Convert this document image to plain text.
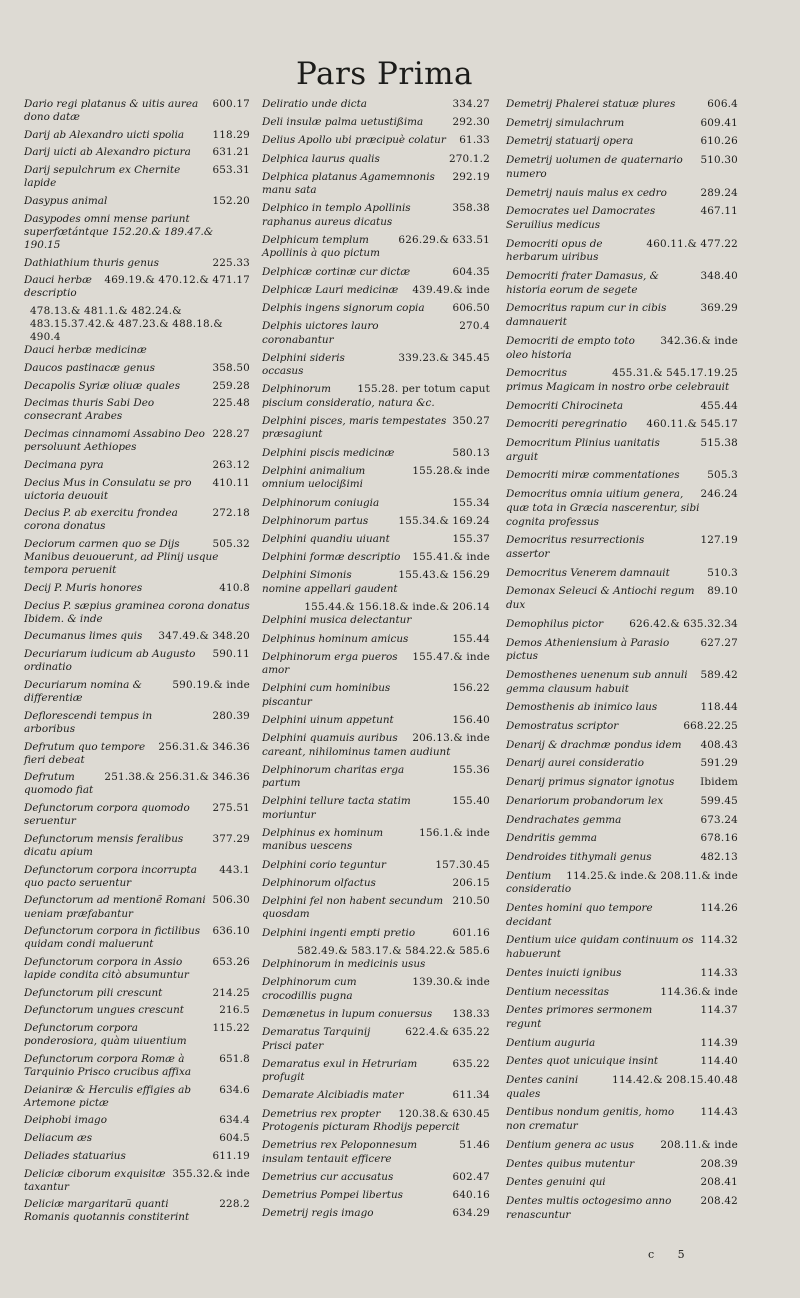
Pars Prima
600.17
Dario regi platanus & uitis aurea dono datæ
118.29
Darij ab Alexandro uicti spolia
631.21
Darij uicti ab Alexandro pictura
653.31
Darij sepulchrum ex Chernite lapide
152.20
Dasypus animal
Dasypodes omni mense pariunt superfœtántque 152.20.& 189.47.& 190.15
225.33
Dathiathium thuris genus
469.19.& 470.12.& 471.17
Dauci herbæ descriptio
478.13.& 481.1.& 482.24.& 483.15.37.42.& 487.23.& 488.18.& 490.4
Dauci herbæ medicinæ
358.50
Daucos pastinacæ genus
259.28
Decapolis Syriæ oliuæ quales
225.48
Decimas thuris Sabi Deo consecrant Arabes
228.27
Decimas cinnamomi Assabino Deo persoluunt Aethiopes
263.12
Decimana pyra
410.11
Decius Mus in Consulatu se pro uictoria deuouit
272.18
Decius P. ab exercitu frondea corona donatus
505.32
Deciorum carmen quo se Dijs Manibus deuouerunt, ad Plinij usque tempora peruenit
410.8
Decij P. Muris honores
Decius P. sæpius graminea corona donatus Ibidem. & inde
347.49.& 348.20
Decumanus limes quis
590.11
Decuriarum iudicum ab Augusto ordinatio
590.19.& inde
Decuriarum nomina & differentiæ
280.39
Deflorescendi tempus in arboribus
256.31.& 346.36
Defrutum quo tempore fieri debeat
251.38.& 256.31.& 346.36
Defrutum quomodo fiat
275.51
Defunctorum corpora quomodo seruentur
377.29
Defunctorum mensis feralibus dicatu apium
443.1
Defunctorum corpora incorrupta quo pacto seruentur
506.30
Defunctorum ad mentionẽ Romani ueniam præfabantur
636.10
Defunctorum corpora in fictilibus quidam condi maluerunt
653.26
Defunctorum corpora in Assio lapide condita citò absumuntur
214.25
Defunctorum pili crescunt
216.5
Defunctorum ungues crescunt
115.22
Defunctorum corpora ponderosiora, quàm uiuentium
651.8
Defunctorum corpora Romæ à Tarquinio Prisco crucibus affixa
634.6
Deianiræ & Herculis effigies ab Artemone pictæ
634.4
Deiphobi imago
604.5
Deliacum æs
611.19
Deliades statuarius
355.32.& inde
Deliciæ ciborum exquisitæ taxantur
228.2
Deliciæ margaritarũ quanti Romanis quotannis constiterint
334.27
Deliratio unde dicta
292.30
Deli insulæ palma uetustißima
61.33
Delius Apollo ubi præcipuè colatur
270.1.2
Delphica laurus qualis
292.19
Delphica platanus Agamemnonis manu sata
358.38
Delphico in templo Apollinis raphanus aureus dicatus
626.29.& 633.51
Delphicum templum Apollinis à quo pictum
604.35
Delphicæ cortinæ cur dictæ
439.49.& inde
Delphicæ Lauri medicinæ
606.50
Delphis ingens signorum copia
270.4
Delphis uictores lauro coronabantur
339.23.& 345.45
Delphini sideris occasus
155.28. per totum caput
Delphinorum piscium consideratio, natura &c.
350.27
Delphini pisces, maris tempestates præsagiunt
580.13
Delphini piscis medicinæ
155.28.& inde
Delphini animalium omnium uelocißimi
155.34
Delphinorum coniugia
155.34.& 169.24
Delphinorum partus
155.37
Delphini quandiu uiuant
155.41.& inde
Delphini formæ descriptio
155.43.& 156.29
Delphini Simonis nomine appellari gaudent
155.44.& 156.18.& inde.& 206.14
Delphini musica delectantur
155.44
Delphinus hominum amicus
155.47.& inde
Delphinorum erga pueros amor
156.22
Delphini cum hominibus piscantur
156.40
Delphini uinum appetunt
206.13.& inde
Delphini quamuis auribus careant, nihilominus tamen audiunt
155.36
Delphinorum charitas erga partum
155.40
Delphini tellure tacta statim moriuntur
156.1.& inde
Delphinus ex hominum manibus uescens
157.30.45
Delphini corio teguntur
206.15
Delphinorum olfactus
210.50
Delphini fel non habent secundum quosdam
601.16
Delphini ingenti empti pretio
582.49.& 583.17.& 584.22.& 585.6
Delphinorum in medicinis usus
139.30.& inde
Delphinorum cum crocodillis pugna
138.33
Demænetus in lupum conuersus
622.4.& 635.22
Demaratus Tarquinij Prisci pater
635.22
Demaratus exul in Hetruriam profugit
611.34
Demarate Alcibiadis mater
120.38.& 630.45
Demetrius rex propter Protogenis picturam Rhodijs pepercit
51.46
Demetrius rex Peloponnesum insulam tentauit efficere
602.47
Demetrius cur accusatus
640.16
Demetrius Pompei libertus
634.29
Demetrij regis imago
606.4
Demetrij Phalerei statuæ plures
609.41
Demetrij simulachrum
610.26
Demetrij statuarij opera
510.30
Demetrij uolumen de quaternario numero
289.24
Demetrij nauis malus ex cedro
467.11
Democrates uel Damocrates Seruilius medicus
460.11.& 477.22
Democriti opus de herbarum uiribus
348.40
Democriti frater Damasus, & historia eorum de segete
369.29
Democritus rapum cur in cibis damnauerit
342.36.& inde
Democriti de empto toto oleo historia
455.31.& 545.17.19.25
Democritus primus Magicam in nostro orbe celebrauit
455.44
Democriti Chirocineta
460.11.& 545.17
Democriti peregrinatio
515.38
Democritum Plinius uanitatis arguit
505.3
Democriti miræ commentationes
246.24
Democritus omnia uitium genera, quæ tota in Græcia nascerentur, sibi cognita professus
127.19
Democritus resurrectionis assertor
510.3
Democritus Venerem damnauit
89.10
Demonax Seleuci & Antiochi regum dux
626.42.& 635.32.34
Demophilus pictor
627.27
Demos Atheniensium à Parasio pictus
589.42
Demosthenes uenenum sub annuli gemma clausum habuit
118.44
Demosthenis ab inimico laus
668.22.25
Demostratus scriptor
408.43
Denarij & drachmæ pondus idem
591.29
Denarij aurei consideratio
Ibidem
Denarij primus signator ignotus
599.45
Denariorum probandorum lex
673.24
Dendrachates gemma
678.16
Dendritis gemma
482.13
Dendroides tithymali genus
114.25.& inde.& 208.11.& inde
Dentium consideratio
114.26
Dentes homini quo tempore decidant
114.32
Dentium uice quidam continuum os habuerunt
114.33
Dentes inuicti ignibus
114.36.& inde
Dentium necessitas
114.37
Dentes primores sermonem regunt
114.39
Dentium auguria
114.40
Dentes quot unicuique insint
114.42.& 208.15.40.48
Dentes canini quales
114.43
Dentibus nondum genitis, homo non crematur
208.11.& inde
Dentium genera ac usus
208.39
Dentes quibus mutentur
208.41
Dentes genuini qui
208.42
Dentes multis octogesimo anno renascuntur
c 5
